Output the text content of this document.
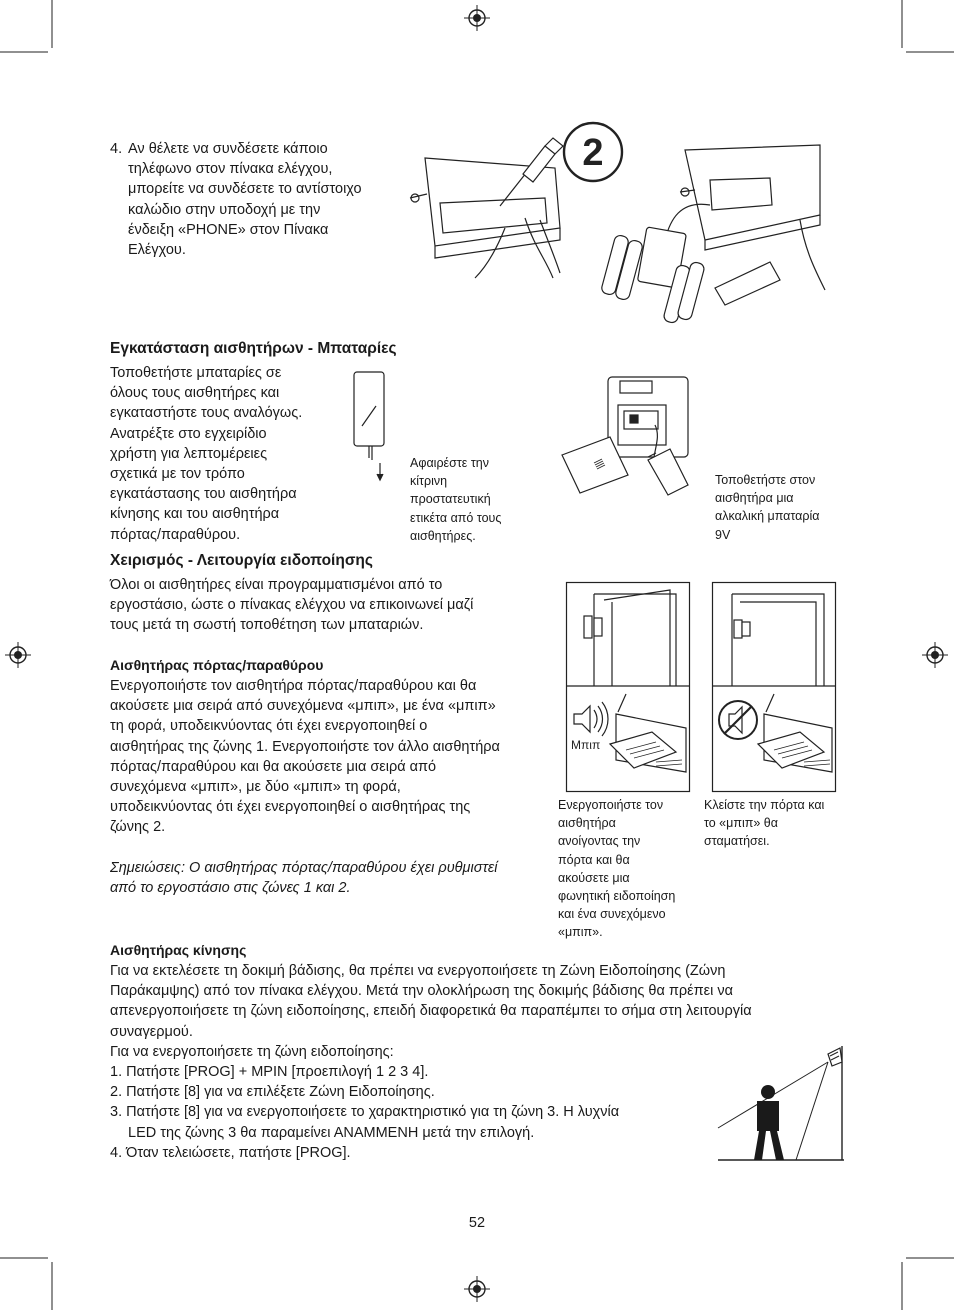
4. Αν θέλετε να συνδέσετε κάποιο

τηλέφωνο στον πίνακα ελέγχου,

μπορείτε να συνδέσετε το αντίστοιχο

καλώδιο στην υποδοχή με την

ένδειξη «PHONE» στον Πίνακα

Ελέγχου.

2

Εγκατάσταση αισθητήρων - Μπαταρίες

Τοποθετήστε μπαταρίες σε

όλους τους αισθητήρες και

εγκαταστήστε τους αναλόγως.

Ανατρέξτε στο εγχειρίδιο

χρήστη για λεπτομέρειες

σχετικά με τον τρόπο

εγκατάστασης του αισθητήρα

κίνησης και του αισθητήρα

πόρτας/παραθύρου.

Αφαιρέστε την

κίτρινη

προστατευτική

ετικέτα από τους

αισθητήρες.

Τοποθετήστε στον

αισθητήρα μια

αλκαλική μπαταρία

9V

Χειρισμός - Λειτουργία ειδοποίησης

Όλοι οι αισθητήρες είναι προγραμματισμένοι από το

εργοστάσιο, ώστε ο πίνακας ελέγχου να επικοινωνεί μαζί

τους μετά τη σωστή τοποθέτηση των μπαταριών.

Αισθητήρας πόρτας/παραθύρου

Ενεργοποιήστε τον αισθητήρα πόρτας/παραθύρου και θα

ακούσετε μια σειρά από συνεχόμενα «μπιπ», με ένα «μπιπ»

τη φορά, υποδεικνύοντας ότι έχει ενεργοποιηθεί ο

αισθητήρας της ζώνης 1. Ενεργοποιήστε τον άλλο αισθητήρα

πόρτας/παραθύρου και θα ακούσετε μια σειρά από

συνεχόμενα «μπιπ», με δύο «μπιπ» τη φορά,

υποδεικνύοντας ότι έχει ενεργοποιηθεί ο αισθητήρας της

ζώνης 2.

Σημειώσεις: Ο αισθητήρας πόρτας/παραθύρου έχει ρυθμιστεί

από το εργοστάσιο στις ζώνες 1 και 2.

Μπιπ

Ενεργοποιήστε τον

αισθητήρα

ανοίγοντας την

πόρτα και θα

ακούσετε μια

φωνητική ειδοποίηση

και ένα συνεχόμενο

«μπιπ».

Κλείστε την πόρτα και

το «μπιπ» θα

σταματήσει.

Αισθητήρας κίνησης

Για να εκτελέσετε τη δοκιμή βάδισης, θα πρέπει να ενεργοποιήσετε τη Ζώνη Ειδοποίησης (Ζώνη

Παράκαμψης) από τον πίνακα ελέγχου. Μετά την ολοκλήρωση της δοκιμής βάδισης θα πρέπει να

απενεργοποιήσετε τη ζώνη ειδοποίησης, επειδή διαφορετικά θα παραπέμπει το σήμα στη λειτουργία

συναγερμού.

Για να ενεργοποιήσετε τη ζώνη ειδοποίησης:

1. Πατήστε [PROG] + MPIN [προεπιλογή 1 2 3 4].
2. Πατήστε [8] για να επιλέξετε Ζώνη Ειδοποίησης.
3. Πατήστε [8] για να ενεργοποιήσετε το χαρακτηριστικό για τη ζώνη 3. Η λυχνία
LED της ζώνης 3 θα παραμείνει ΑΝΑΜΜΕΝΗ μετά την επιλογή.
4. Όταν τελειώσετε, πατήστε [PROG].

52
